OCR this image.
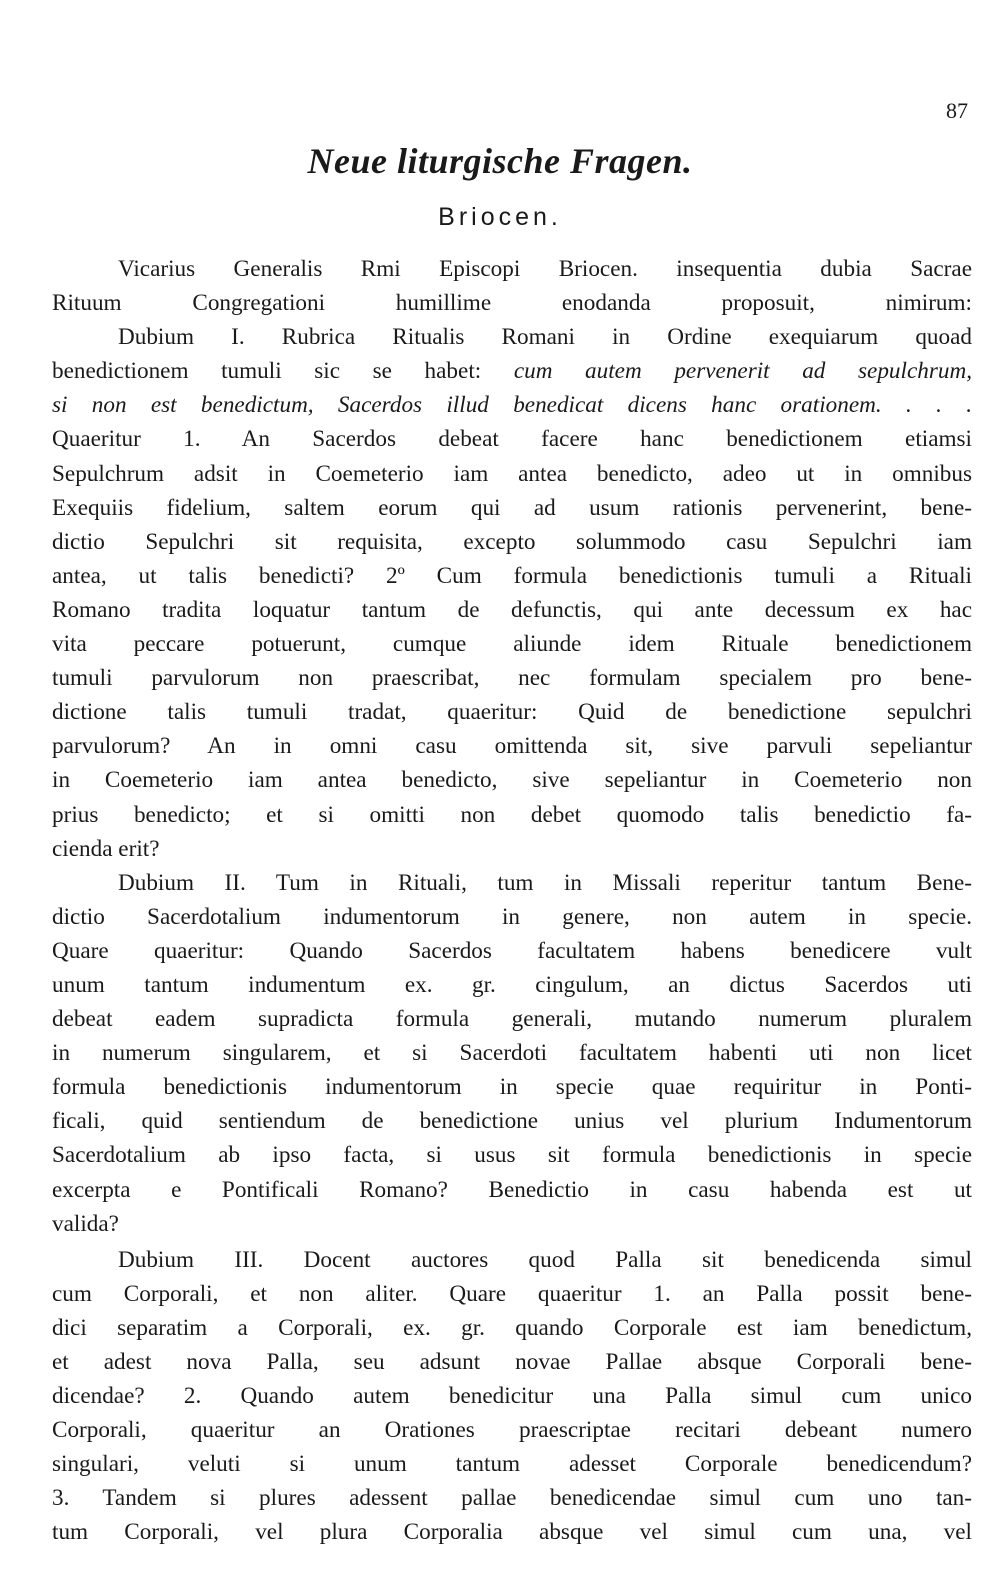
87
Neue liturgische Fragen.
Briocen.
Vicarius Generalis Rmi Episcopi Briocen. insequentia dubia Sacrae
Rituum Congregationi humillime enodanda proposuit, nimirum:
Dubium I. Rubrica Ritualis Romani in Ordine exequiarum quoad
benedictionem tumuli sic se habet: cum autem pervenerit ad sepulchrum,
si non est benedictum, Sacerdos illud benedicat dicens hanc orationem. . . .
Quaeritur 1. An Sacerdos debeat facere hanc benedictionem etiamsi
Sepulchrum adsit in Coemeterio iam antea benedicto, adeo ut in omnibus
Exequiis fidelium, saltem eorum qui ad usum rationis pervenerint, bene-
dictio Sepulchri sit requisita, excepto solummodo casu Sepulchri iam
antea, ut talis benedicti? 2º Cum formula benedictionis tumuli a Rituali
Romano tradita loquatur tantum de defunctis, qui ante decessum ex hac
vita peccare potuerunt, cumque aliunde idem Rituale benedictionem
tumuli parvulorum non praescribat, nec formulam specialem pro bene-
dictione talis tumuli tradat, quaeritur: Quid de benedictione sepulchri
parvulorum? An in omni casu omittenda sit, sive parvuli sepeliantur
in Coemeterio iam antea benedicto, sive sepeliantur in Coemeterio non
prius benedicto; et si omitti non debet quomodo talis benedictio fa-
cienda erit?
Dubium II. Tum in Rituali, tum in Missali reperitur tantum Bene-
dictio Sacerdotalium indumentorum in genere, non autem in specie.
Quare quaeritur: Quando Sacerdos facultatem habens benedicere vult
unum tantum indumentum ex. gr. cingulum, an dictus Sacerdos uti
debeat eadem supradicta formula generali, mutando numerum pluralem
in numerum singularem, et si Sacerdoti facultatem habenti uti non licet
formula benedictionis indumentorum in specie quae requiritur in Ponti-
ficali, quid sentiendum de benedictione unius vel plurium Indumentorum
Sacerdotalium ab ipso facta, si usus sit formula benedictionis in specie
excerpta e Pontificali Romano? Benedictio in casu habenda est ut
valida?
Dubium III. Docent auctores quod Palla sit benedicenda simul
cum Corporali, et non aliter. Quare quaeritur 1. an Palla possit bene-
dici separatim a Corporali, ex. gr. quando Corporale est iam benedictum,
et adest nova Palla, seu adsunt novae Pallae absque Corporali bene-
dicendae? 2. Quando autem benedicitur una Palla simul cum unico
Corporali, quaeritur an Orationes praescriptae recitari debeant numero
singulari, veluti si unum tantum adesset Corporale benedicendum?
3. Tandem si plures adessent pallae benedicendae simul cum uno tan-
tum Corporali, vel plura Corporalia absque vel simul cum una, vel
